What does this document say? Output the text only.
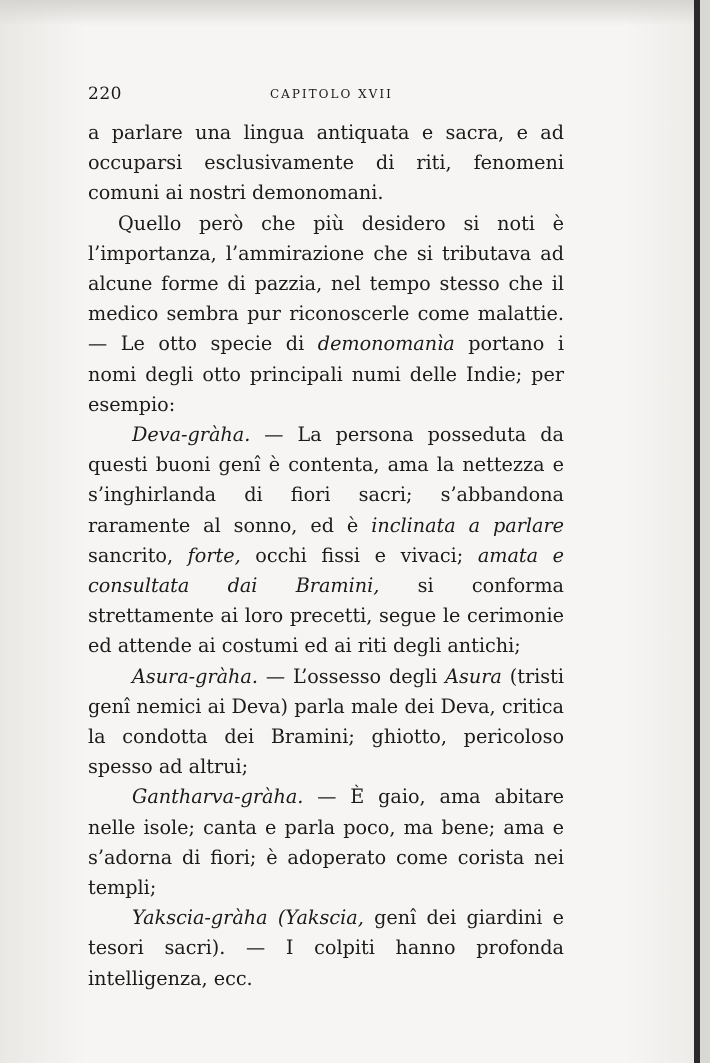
220	CAPITOLO XVII

a parlare una lingua antiquata e sacra, e ad occuparsi esclusivamente di riti, fenomeni comuni ai nostri demonomani.

Quello però che più desidero si noti è l’importanza, l’ammirazione che si tributava ad alcune forme di pazzia, nel tempo stesso che il medico sembra pur riconoscerle come malattie. — Le otto specie di demonomanìa portano i nomi degli otto principali numi delle Indie; per esempio:

Deva-gràha. — La persona posseduta da questi buoni genî è contenta, ama la nettezza e s’inghirlanda di fiori sacri; s’abbandona raramente al sonno, ed è inclinata a parlare sancrito, forte, occhi fissi e vivaci; amata e consultata dai Bramini, si conforma strettamente ai loro precetti, segue le cerimonie ed attende ai costumi ed ai riti degli antichi;

Asura-gràha. — L’ossesso degli Asura (tristi genî nemici ai Deva) parla male dei Deva, critica la condotta dei Bramini; ghiotto, pericoloso spesso ad altrui;

Gantharva-gràha. — È gaio, ama abitare nelle isole; canta e parla poco, ma bene; ama e s’adorna di fiori; è adoperato come corista nei templi;

Yakscia-gràha (Yakscia, genî dei giardini e tesori sacri). — I colpiti hanno profonda intelligenza, ecc.
